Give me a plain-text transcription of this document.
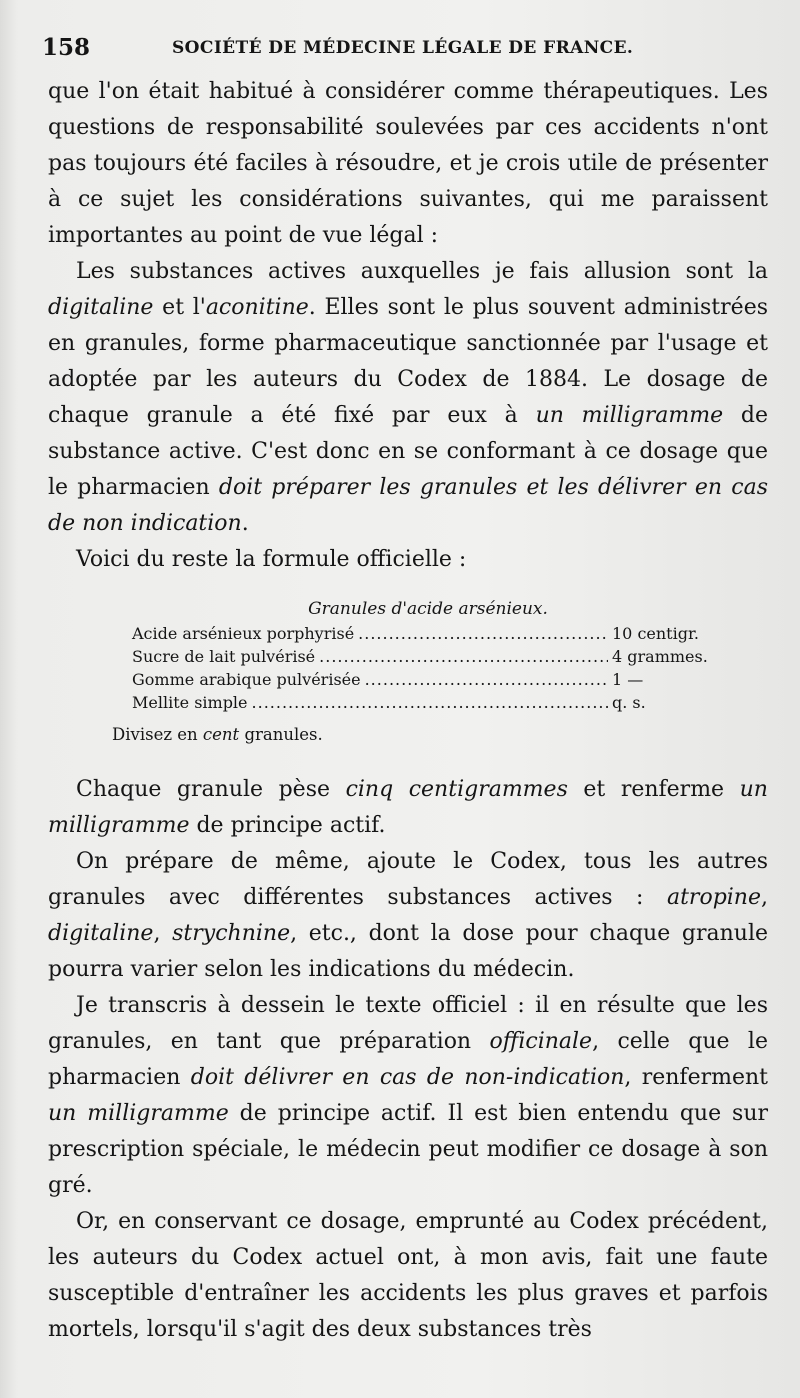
158	SOCIÉTÉ DE MÉDECINE LÉGALE DE FRANCE.

que l'on était habitué à considérer comme thérapeutiques. Les questions de responsabilité soulevées par ces accidents n'ont pas toujours été faciles à résoudre, et je crois utile de présenter à ce sujet les considérations suivantes, qui me paraissent importantes au point de vue légal :

Les substances actives auxquelles je fais allusion sont la digitaline et l'aconitine. Elles sont le plus souvent administrées en granules, forme pharmaceutique sanctionnée par l'usage et adoptée par les auteurs du Codex de 1884. Le dosage de chaque granule a été fixé par eux à un milligramme de substance active. C'est donc en se conformant à ce dosage que le pharmacien doit préparer les granules et les délivrer en cas de non indication.

Voici du reste la formule officielle :

Granules d'acide arsénieux.
Acide arsénieux porphyrisé .....	10 centigr.
Sucre de lait pulvérisé .....	4 grammes.
Gomme arabique pulvérisée .....	1 —
Mellite simple .....	q. s.
Divisez en cent granules.

Chaque granule pèse cinq centigrammes et renferme un milligramme de principe actif.

On prépare de même, ajoute le Codex, tous les autres granules avec différentes substances actives : atropine, digitaline, strychnine, etc., dont la dose pour chaque granule pourra varier selon les indications du médecin.

Je transcris à dessein le texte officiel : il en résulte que les granules, en tant que préparation officinale, celle que le pharmacien doit délivrer en cas de non-indication, renferment un milligramme de principe actif. Il est bien entendu que sur prescription spéciale, le médecin peut modifier ce dosage à son gré.

Or, en conservant ce dosage, emprunté au Codex précédent, les auteurs du Codex actuel ont, à mon avis, fait une faute susceptible d'entraîner les accidents les plus graves et parfois mortels, lorsqu'il s'agit des deux substances très
